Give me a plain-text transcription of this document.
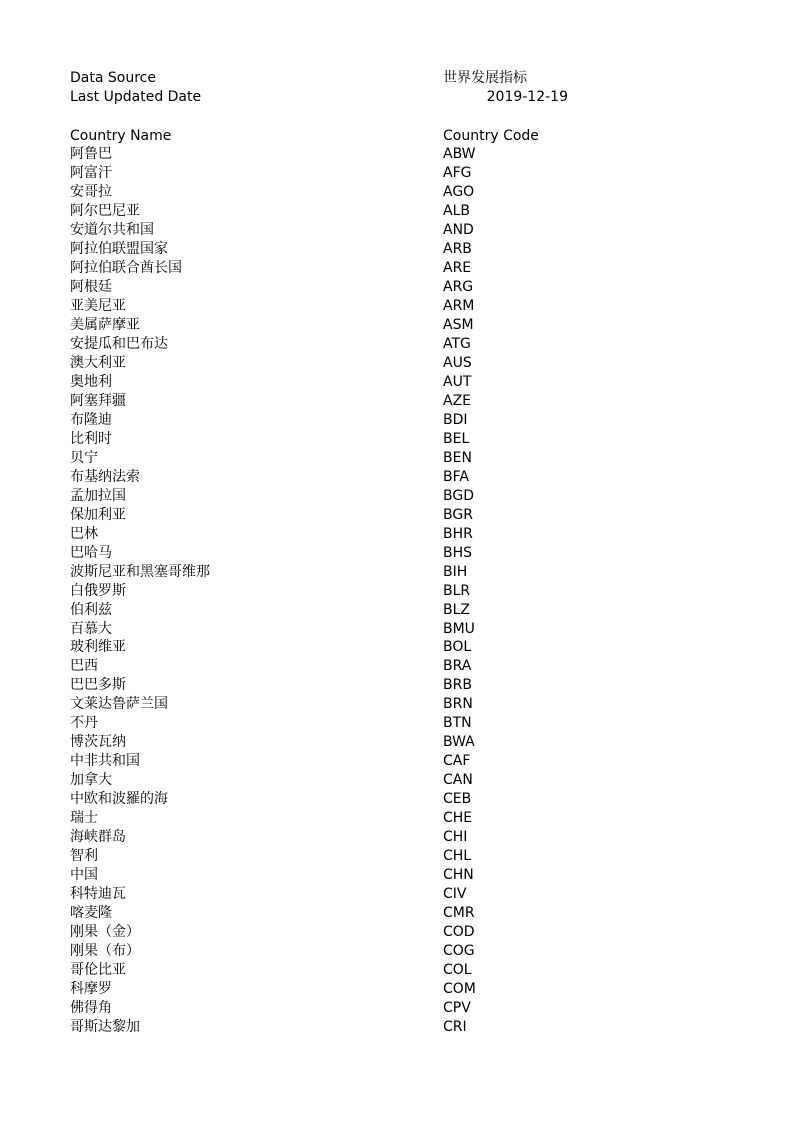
Data Source	世界发展指标
Last Updated Date	2019-12-19
Country Name	Country Code
阿鲁巴	ABW
阿富汗	AFG
安哥拉	AGO
阿尔巴尼亚	ALB
安道尔共和国	AND
阿拉伯联盟国家	ARB
阿拉伯联合酋长国	ARE
阿根廷	ARG
亚美尼亚	ARM
美属萨摩亚	ASM
安提瓜和巴布达	ATG
澳大利亚	AUS
奥地利	AUT
阿塞拜疆	AZE
布隆迪	BDI
比利时	BEL
贝宁	BEN
布基纳法索	BFA
孟加拉国	BGD
保加利亚	BGR
巴林	BHR
巴哈马	BHS
波斯尼亚和黑塞哥维那	BIH
白俄罗斯	BLR
伯利兹	BLZ
百慕大	BMU
玻利维亚	BOL
巴西	BRA
巴巴多斯	BRB
文莱达鲁萨兰国	BRN
不丹	BTN
博茨瓦纳	BWA
中非共和国	CAF
加拿大	CAN
中欧和波羅的海	CEB
瑞士	CHE
海峡群岛	CHI
智利	CHL
中国	CHN
科特迪瓦	CIV
喀麦隆	CMR
刚果（金）	COD
刚果（布）	COG
哥伦比亚	COL
科摩罗	COM
佛得角	CPV
哥斯达黎加	CRI
